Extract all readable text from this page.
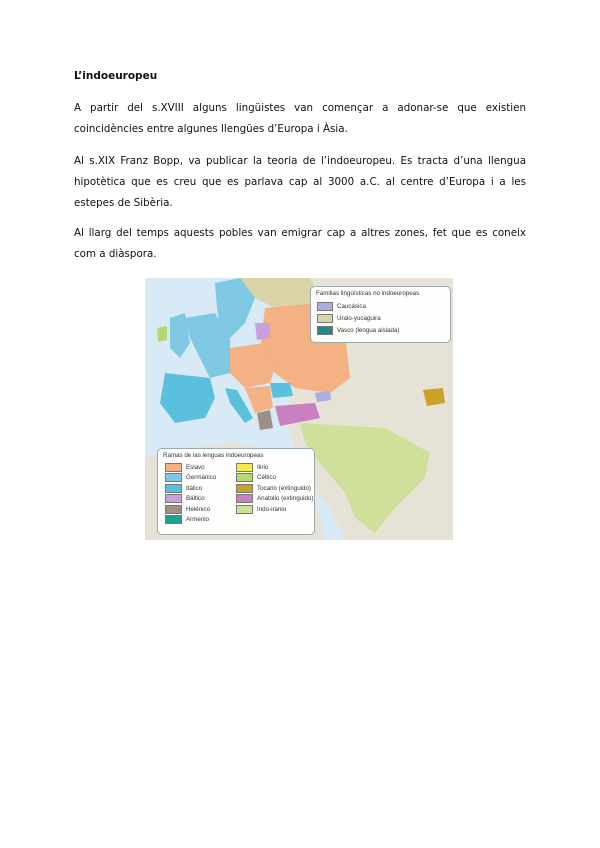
L’indoeuropeu

A partir del s.XVIII alguns lingüistes van començar a adonar-se que existien coincidències entre algunes llengües d’Europa i Àsia.

Al s.XIX Franz Bopp, va publicar la teoria de l’indoeuropeu. Es tracta d’una llengua hipotètica que es creu que es parlava cap al 3000 a.C. al centre d’Europa i a les estepes de Sibèria.

Al llarg del temps aquests pobles van emigrar cap a altres zones, fet que es coneix com a diàspora.

Familias lingüísticas no indoeuropeas
Caucásica
Uralo-yucaguira
Vasco (lengua aislada)
Ramas de las lenguas indoeuropeas
Eslavo
Germánico
Itálico
Báltico
Helénico
Armenio
Ilirio
Céltico
Tocario (extinguido)
Anatolio (extinguido)
Indo-iranio
